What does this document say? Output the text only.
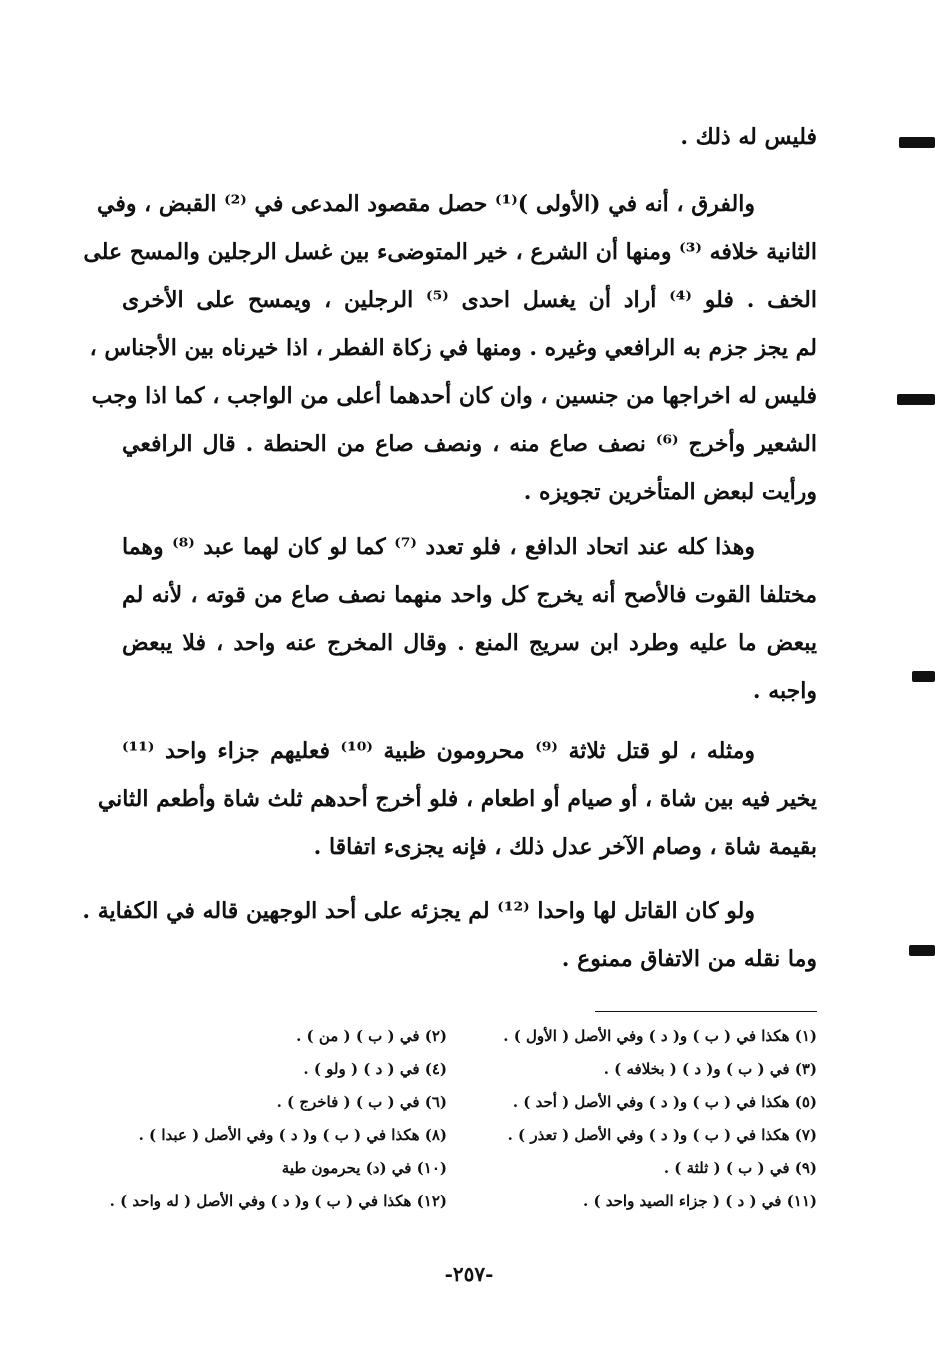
فليس له ذلك .
والفرق ، أنه في (الأولى )⁽¹⁾ حصل مقصود المدعى في ⁽²⁾ القبض ، وفي
الثانية خلافه ⁽³⁾ ومنها أن الشرع ، خير المتوضىء بين غسل الرجلين والمسح على
الخف . فلو ⁽⁴⁾ أراد أن يغسل احدى ⁽⁵⁾ الرجلين ، ويمسح على الأخرى
لم يجز جزم به الرافعي وغيره . ومنها في زكاة الفطر ، اذا خيرناه بين الأجناس ،
فليس له اخراجها من جنسين ، وان كان أحدهما أعلى من الواجب ، كما اذا وجب
الشعير وأخرج ⁽⁶⁾ نصف صاع منه ، ونصف صاع من الحنطة . قال الرافعي
ورأيت لبعض المتأخرين تجويزه .
وهذا كله عند اتحاد الدافع ، فلو تعدد ⁽⁷⁾ كما لو كان لهما عبد ⁽⁸⁾ وهما
مختلفا القوت فالأصح أنه يخرج كل واحد منهما نصف صاع من قوته ، لأنه لم
يبعض ما عليه وطرد ابن سريج المنع . وقال المخرج عنه واحد ، فلا يبعض
واجبه .
ومثله ، لو قتل ثلاثة ⁽⁹⁾ محرومون ظبية ⁽¹⁰⁾ فعليهم جزاء واحد ⁽¹¹⁾
يخير فيه بين شاة ، أو صيام أو اطعام ، فلو أخرج أحدهم ثلث شاة وأطعم الثاني
بقيمة شاة ، وصام الآخر عدل ذلك ، فإنه يجزىء اتفاقا .
ولو كان القاتل لها واحدا ⁽¹²⁾ لم يجزئه على أحد الوجهين قاله في الكفاية .
وما نقله من الاتفاق ممنوع .
(١) هكذا في ( ب ) و( د ) وفي الأصل ( الأول ) .
(٢) في ( ب ) ( من ) .
(٣) في ( ب ) و( د ) ( بخلافه ) .
(٤) في ( د ) ( ولو ) .
(٥) هكذا في ( ب ) و( د ) وفي الأصل ( أحد ) .
(٦) في ( ب ) ( فاخرج ) .
(٧) هكذا في ( ب ) و( د ) وفي الأصل ( تعذر ) .
(٨) هكذا في ( ب ) و( د ) وفي الأصل ( عبدا ) .
(٩) في ( ب ) ( ثلثة ) .
(١٠) في (د) يحرمون طية
(١١) في ( د ) ( جزاء الصيد واحد ) .
(١٢) هكذا في ( ب ) و( د ) وفي الأصل ( له واحد ) .
-٢٥٧-
